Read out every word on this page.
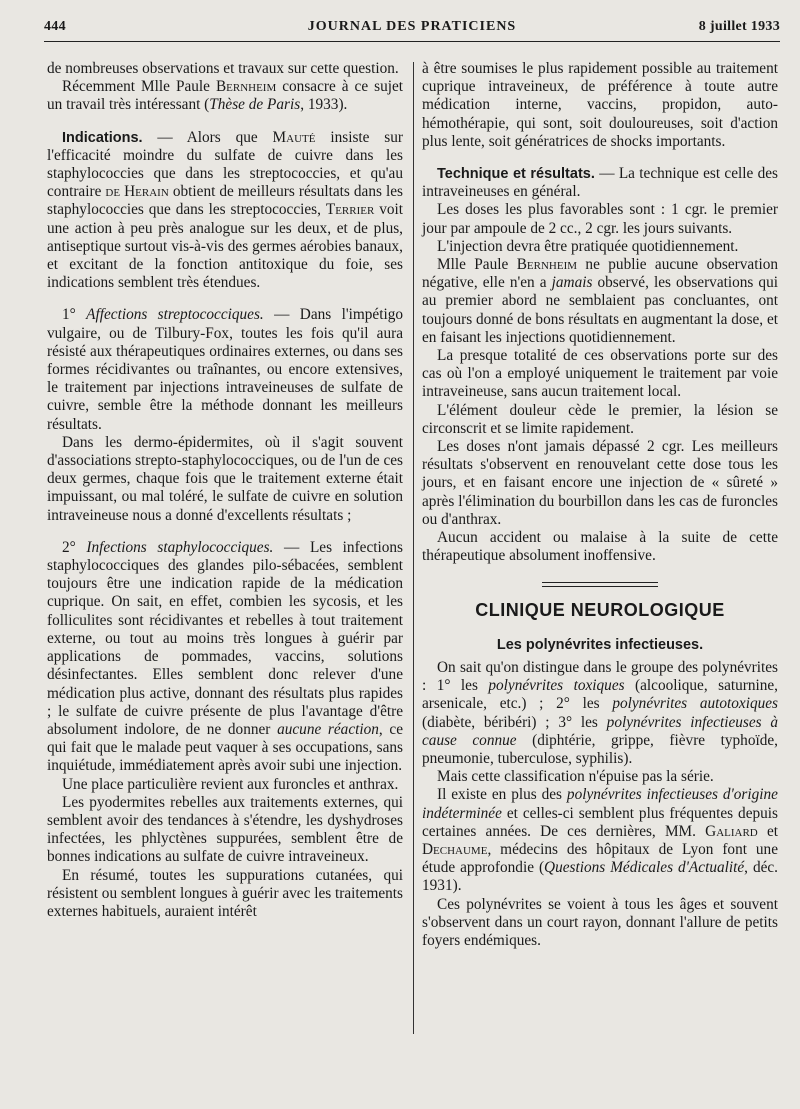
444	JOURNAL DES PRATICIENS	8 juillet 1933

de nombreuses observations et travaux sur cette question.

Récemment Mlle Paule Bernheim consacre à ce sujet un travail très intéressant (Thèse de Paris, 1933).

Indications. — Alors que Mauté insiste sur l'efficacité moindre du sulfate de cuivre dans les staphylococcies que dans les streptococcies, et qu'au contraire de Herain obtient de meilleurs résultats dans les staphylococcies que dans les streptococcies, Terrier voit une action à peu près analogue sur les deux, et de plus, antiseptique surtout vis-à-vis des germes aérobies banaux, et excitant de la fonction antitoxique du foie, ses indications semblent très étendues.

1° Affections streptococciques. — Dans l'impétigo vulgaire, ou de Tilbury-Fox, toutes les fois qu'il aura résisté aux thérapeutiques ordinaires externes, ou dans ses formes récidivantes ou traînantes, ou encore extensives, le traitement par injections intraveineuses de sulfate de cuivre, semble être la méthode donnant les meilleurs résultats.

Dans les dermo-épidermites, où il s'agit souvent d'associations strepto-staphylococciques, ou de l'un de ces deux germes, chaque fois que le traitement externe était impuissant, ou mal toléré, le sulfate de cuivre en solution intraveineuse nous a donné d'excellents résultats ;

2° Infections staphylococciques. — Les infections staphylococciques des glandes pilo-sébacées, semblent toujours être une indication rapide de la médication cuprique. On sait, en effet, combien les sycosis, et les folliculites sont récidivantes et rebelles à tout traitement externe, ou tout au moins très longues à guérir par applications de pommades, vaccins, solutions désinfectantes. Elles semblent donc relever d'une médication plus active, donnant des résultats plus rapides ; le sulfate de cuivre présente de plus l'avantage d'être absolument indolore, de ne donner aucune réaction, ce qui fait que le malade peut vaquer à ses occupations, sans inquiétude, immédiatement après avoir subi une injection.

Une place particulière revient aux furoncles et anthrax.

Les pyodermites rebelles aux traitements externes, qui semblent avoir des tendances à s'étendre, les dyshydroses infectées, les phlyctènes suppurées, semblent être de bonnes indications au sulfate de cuivre intraveineux.

En résumé, toutes les suppurations cutanées, qui résistent ou semblent longues à guérir avec les traitements externes habituels, auraient intérêt

à être soumises le plus rapidement possible au traitement cuprique intraveineux, de préférence à toute autre médication interne, vaccins, propidon, auto-hémothérapie, qui sont, soit douloureuses, soit d'action plus lente, soit génératrices de shocks importants.

Technique et résultats. — La technique est celle des intraveineuses en général.

Les doses les plus favorables sont : 1 cgr. le premier jour par ampoule de 2 cc., 2 cgr. les jours suivants.

L'injection devra être pratiquée quotidiennement.

Mlle Paule Bernheim ne publie aucune observation négative, elle n'en a jamais observé, les observations qui au premier abord ne semblaient pas concluantes, ont toujours donné de bons résultats en augmentant la dose, et en faisant les injections quotidiennement.

La presque totalité de ces observations porte sur des cas où l'on a employé uniquement le traitement par voie intraveineuse, sans aucun traitement local.

L'élément douleur cède le premier, la lésion se circonscrit et se limite rapidement.

Les doses n'ont jamais dépassé 2 cgr. Les meilleurs résultats s'observent en renouvelant cette dose tous les jours, et en faisant encore une injection de « sûreté » après l'élimination du bourbillon dans les cas de furoncles ou d'anthrax.

Aucun accident ou malaise à la suite de cette thérapeutique absolument inoffensive.

CLINIQUE NEUROLOGIQUE
Les polynévrites infectieuses.

On sait qu'on distingue dans le groupe des polynévrites : 1° les polynévrites toxiques (alcoolique, saturnine, arsenicale, etc.) ; 2° les polynévrites autotoxiques (diabète, béribéri) ; 3° les polynévrites infectieuses à cause connue (diphtérie, grippe, fièvre typhoïde, pneumonie, tuberculose, syphilis).

Mais cette classification n'épuise pas la série.

Il existe en plus des polynévrites infectieuses d'origine indéterminée et celles-ci semblent plus fréquentes depuis certaines années. De ces dernières, MM. Galiard et Dechaume, médecins des hôpitaux de Lyon font une étude approfondie (Questions Médicales d'Actualité, déc. 1931).

Ces polynévrites se voient à tous les âges et souvent s'observent dans un court rayon, donnant l'allure de petits foyers endémiques.
